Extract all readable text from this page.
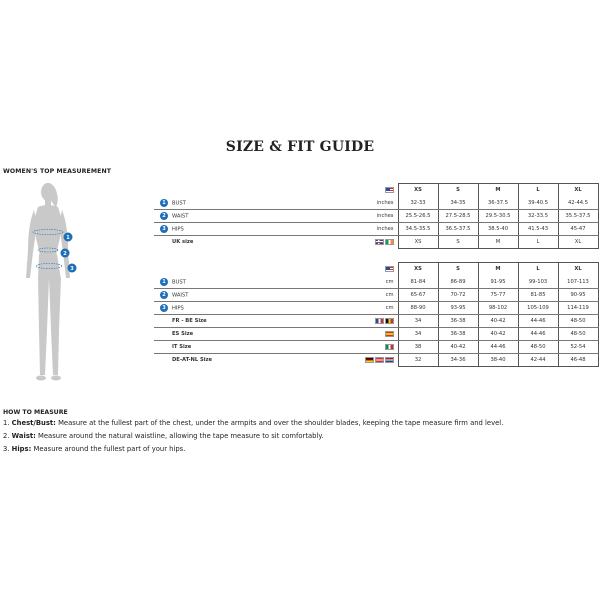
SIZE & FIT GUIDE
WOMEN'S TOP MEASUREMENT
1
2
3

	XS	S	M	L	XL
1 BUST	inches	32-33	34-35	36-37.5	39-40.5	42-44.5
2 WAIST	inches	25.5-26.5	27.5-28.5	29.5-30.5	32-33.5	35.5-37.5
3 HIPS	inches	34.5-35.5	36.5-37.5	38.5-40	41.5-43	45-47
UK size		XS	S	M	L	XL

	XS	S	M	L	XL
1 BUST	cm	81-84	86-89	91-95	99-103	107-113
2 WAIST	cm	65-67	70-72	75-77	81-85	90-95
3 HIPS	cm	88-90	93-95	98-102	105-109	114-119
FR - BE Size		34	36-38	40-42	44-46	48-50
ES Size		34	36-38	40-42	44-46	48-50
IT Size		38	40-42	44-46	48-50	52-54
DE-AT-NL Size		32	34-36	38-40	42-44	46-48

HOW TO MEASURE

1. Chest/Bust: Measure at the fullest part of the chest, under the armpits and over the shoulder blades, keeping the tape measure firm and level.

2. Waist: Measure around the natural waistline, allowing the tape measure to sit comfortably.

3. Hips: Measure around the fullest part of your hips.
